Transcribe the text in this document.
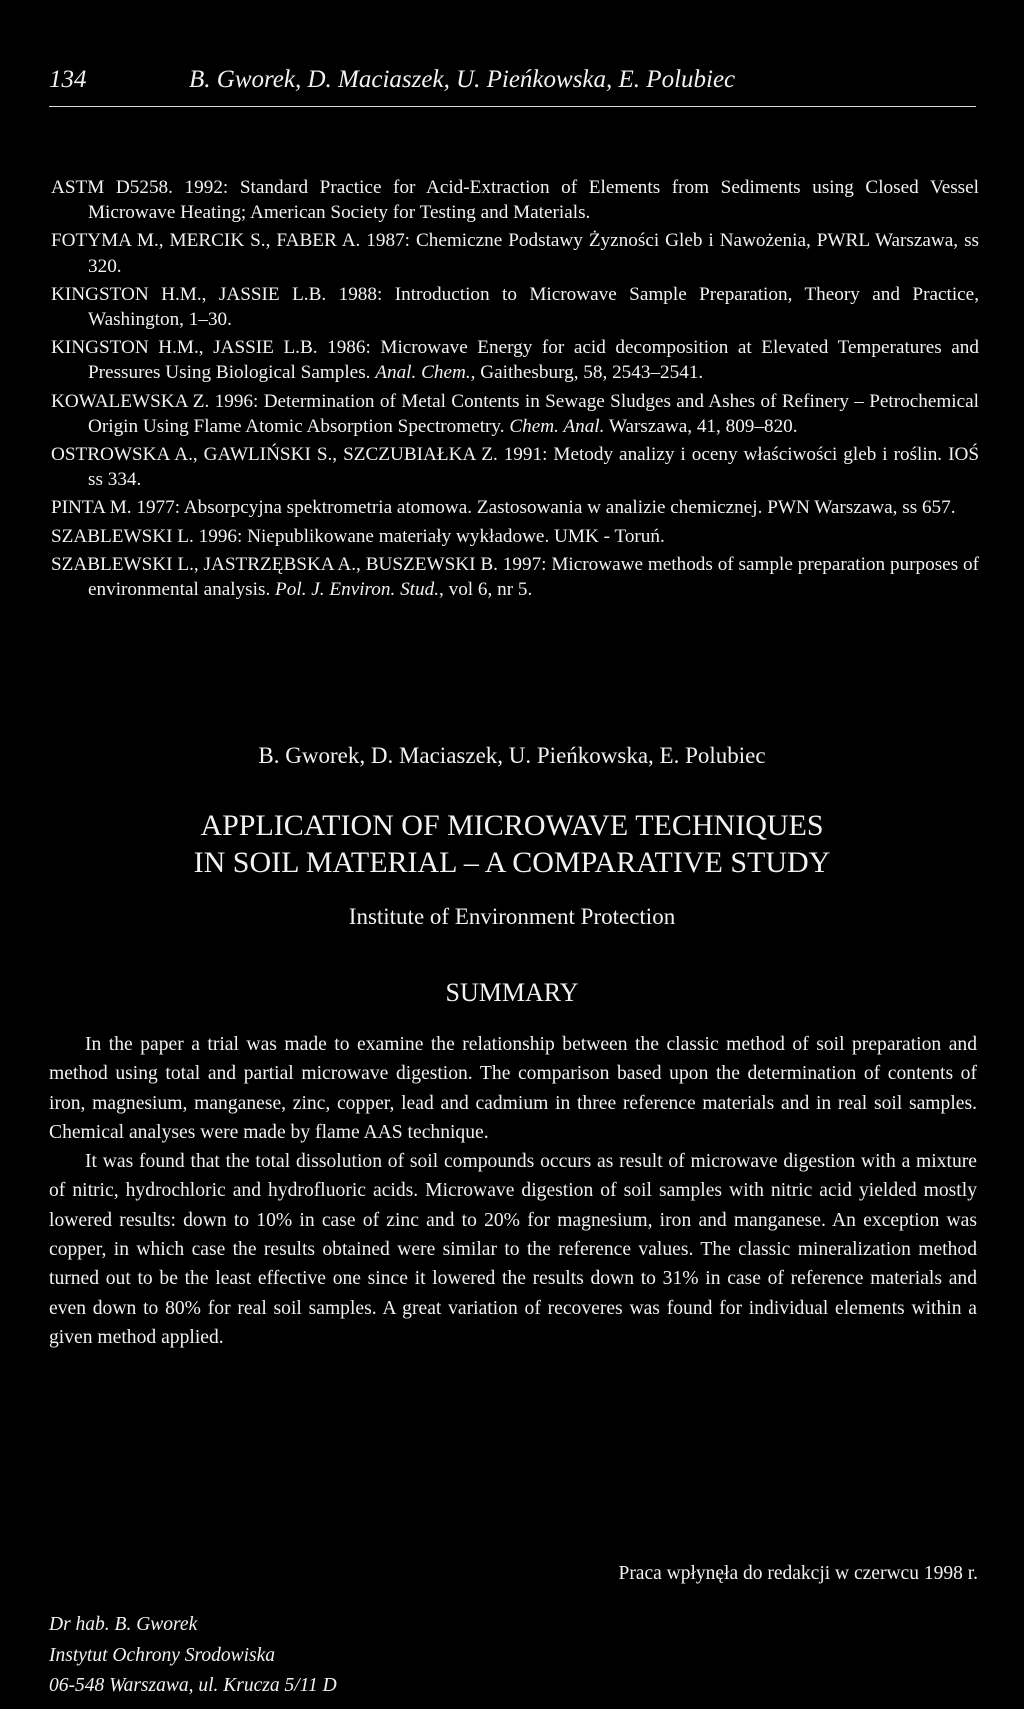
134	B. Gworek, D. Maciaszek, U. Pieńkowska, E. Polubiec

ASTM D5258. 1992: Standard Practice for Acid-Extraction of Elements from Sediments using Closed Vessel Microwave Heating; American Society for Testing and Materials.

FOTYMA M., MERCIK S., FABER A. 1987: Chemiczne Podstawy Żyzności Gleb i Nawożenia, PWRL Warszawa, ss 320.

KINGSTON H.M., JASSIE L.B. 1988: Introduction to Microwave Sample Preparation, Theory and Practice, Washington, 1–30.

KINGSTON H.M., JASSIE L.B. 1986: Microwave Energy for acid decomposition at Elevated Temperatures and Pressures Using Biological Samples. Anal. Chem., Gaithesburg, 58, 2543–2541.

KOWALEWSKA Z. 1996: Determination of Metal Contents in Sewage Sludges and Ashes of Refinery – Petrochemical Origin Using Flame Atomic Absorption Spectrometry. Chem. Anal. Warszawa, 41, 809–820.

OSTROWSKA A., GAWLIŃSKI S., SZCZUBIAŁKA Z. 1991: Metody analizy i oceny właściwości gleb i roślin. IOŚ ss 334.

PINTA M. 1977: Absorpcyjna spektrometria atomowa. Zastosowania w analizie chemicznej. PWN Warszawa, ss 657.

SZABLEWSKI L. 1996: Niepublikowane materiały wykładowe. UMK - Toruń.

SZABLEWSKI L., JASTRZĘBSKA A., BUSZEWSKI B. 1997: Microwawe methods of sample preparation purposes of environmental analysis. Pol. J. Environ. Stud., vol 6, nr 5.

B. Gworek, D. Maciaszek, U. Pieńkowska, E. Polubiec
APPLICATION OF MICROWAVE TECHNIQUES
IN SOIL MATERIAL – A COMPARATIVE STUDY
Institute of Environment Protection
SUMMARY

In the paper a trial was made to examine the relationship between the classic method of soil preparation and method using total and partial microwave digestion. The comparison based upon the determination of contents of iron, magnesium, manganese, zinc, copper, lead and cadmium in three reference materials and in real soil samples. Chemical analyses were made by flame AAS technique.

It was found that the total dissolution of soil compounds occurs as result of microwave digestion with a mixture of nitric, hydrochloric and hydrofluoric acids. Microwave digestion of soil samples with nitric acid yielded mostly lowered results: down to 10% in case of zinc and to 20% for magnesium, iron and manganese. An exception was copper, in which case the results obtained were similar to the reference values. The classic mineralization method turned out to be the least effective one since it lowered the results down to 31% in case of reference materials and even down to 80% for real soil samples. A great variation of recoveres was found for individual elements within a given method applied.

Praca wpłynęła do redakcji w czerwcu 1998 r.
Dr hab. B. Gworek
Instytut Ochrony Srodowiska
06-548 Warszawa, ul. Krucza 5/11 D
